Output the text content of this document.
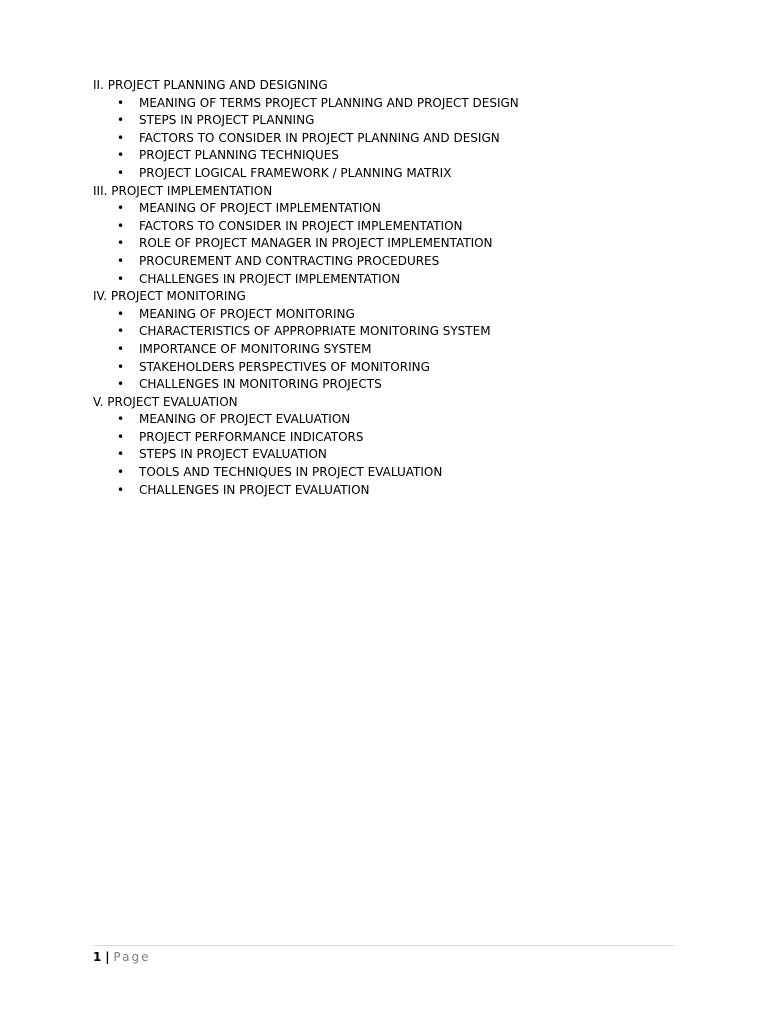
II. PROJECT PLANNING AND DESIGNING

• MEANING OF TERMS PROJECT PLANNING AND PROJECT DESIGN
• STEPS IN PROJECT PLANNING
• FACTORS TO CONSIDER IN PROJECT PLANNING AND DESIGN
• PROJECT PLANNING TECHNIQUES
• PROJECT LOGICAL FRAMEWORK / PLANNING MATRIX

III. PROJECT IMPLEMENTATION

• MEANING OF PROJECT IMPLEMENTATION
• FACTORS TO CONSIDER IN PROJECT IMPLEMENTATION
• ROLE OF PROJECT MANAGER IN PROJECT IMPLEMENTATION
• PROCUREMENT AND CONTRACTING PROCEDURES
• CHALLENGES IN PROJECT IMPLEMENTATION

IV. PROJECT MONITORING

• MEANING OF PROJECT MONITORING
• CHARACTERISTICS OF APPROPRIATE MONITORING SYSTEM
• IMPORTANCE OF MONITORING SYSTEM
• STAKEHOLDERS PERSPECTIVES OF MONITORING
• CHALLENGES IN MONITORING PROJECTS

V. PROJECT EVALUATION

• MEANING OF PROJECT EVALUATION
• PROJECT PERFORMANCE INDICATORS
• STEPS IN PROJECT EVALUATION
• TOOLS AND TECHNIQUES IN PROJECT EVALUATION
• CHALLENGES IN PROJECT EVALUATION
1 | Page
